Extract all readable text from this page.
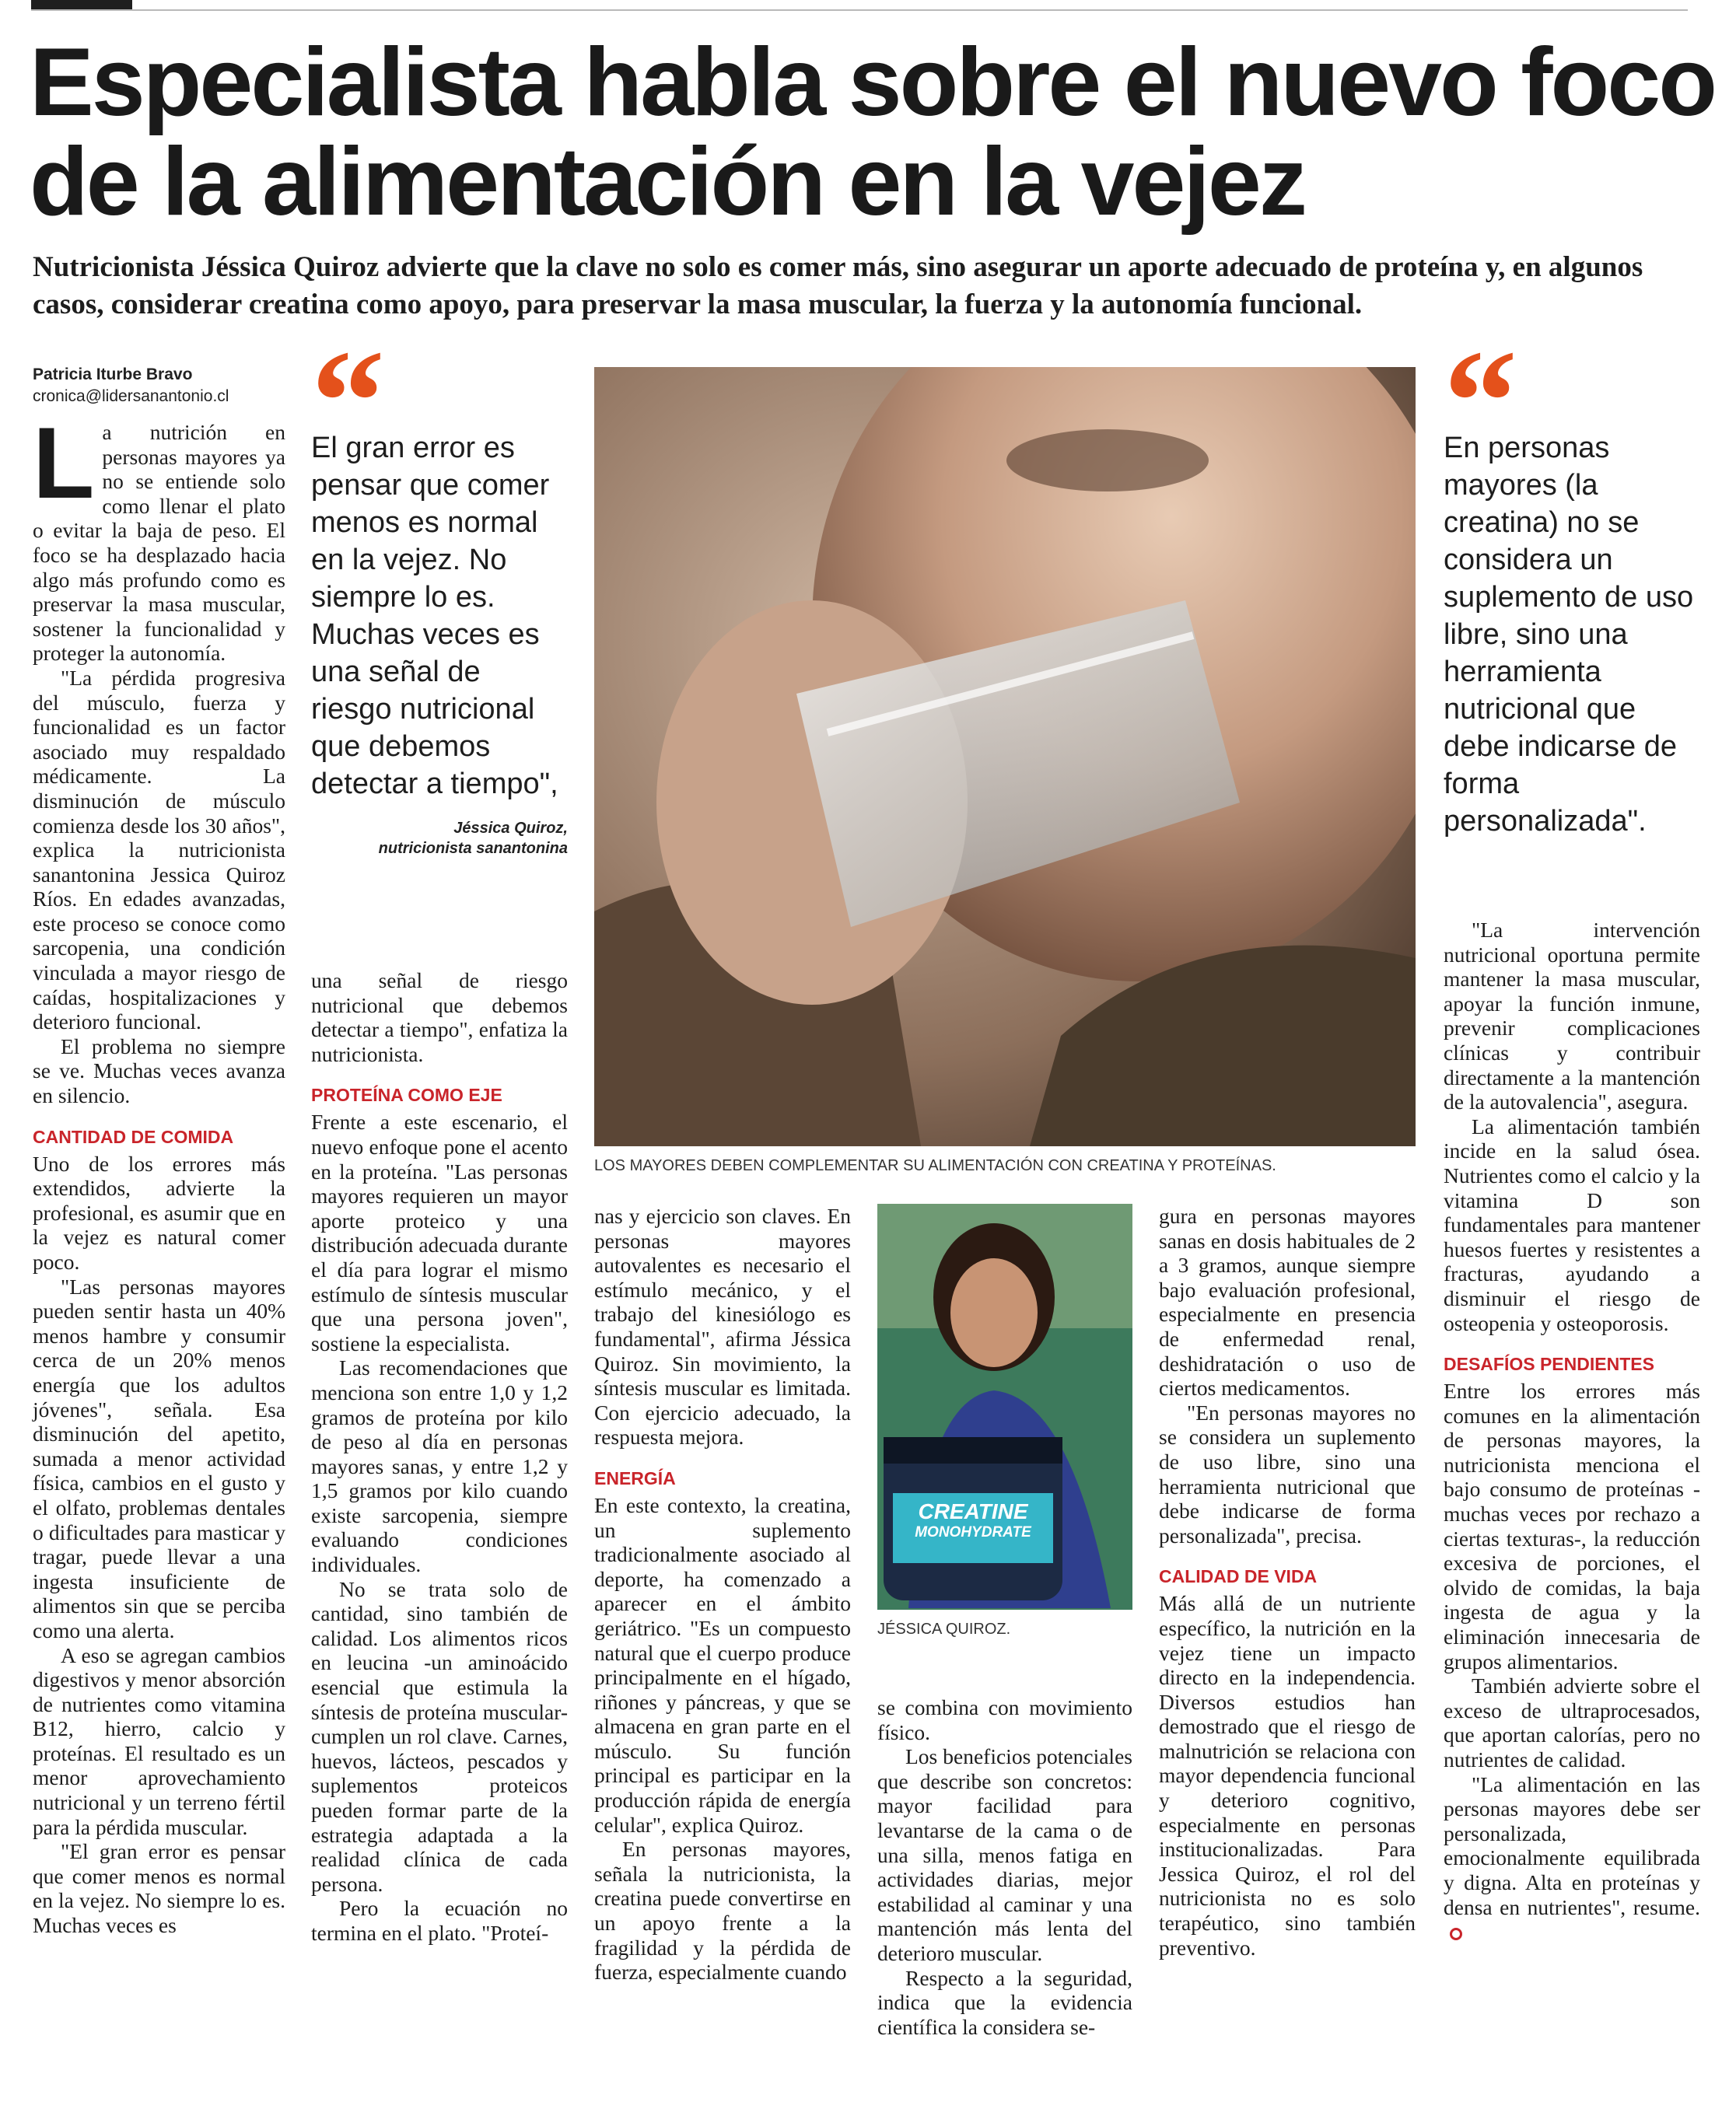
Especialista habla sobre el nuevo foco de la alimentación en la vejez

Nutricionista Jéssica Quiroz advierte que la clave no solo es comer más, sino asegurar un aporte adecuado de proteína y, en algunos casos, considerar creatina como apoyo, para preservar la masa muscular, la fuerza y la autonomía funcional.

Patricia Iturbe Bravo
cronica@lidersanantonio.cl

La nutrición en personas mayores ya no se entiende solo como llenar el plato o evitar la baja de peso. El foco se ha desplazado hacia algo más profundo como es preservar la masa muscular, sostener la funcionalidad y proteger la autonomía.

"La pérdida progresiva del músculo, fuerza y funcionalidad es un factor asociado muy respaldado médicamente. La disminución de músculo comienza desde los 30 años", explica la nutricionista sanantonina Jessica Quiroz Ríos. En edades avanzadas, este proceso se conoce como sarcopenia, una condición vinculada a mayor riesgo de caídas, hospitalizaciones y deterioro funcional.

El problema no siempre se ve. Muchas veces avanza en silencio.

CANTIDAD DE COMIDA

Uno de los errores más extendidos, advierte la profesional, es asumir que en la vejez es natural comer poco.

"Las personas mayores pueden sentir hasta un 40% menos hambre y consumir cerca de un 20% menos energía que los adultos jóvenes", señala. Esa disminución del apetito, sumada a menor actividad física, cambios en el gusto y el olfato, problemas dentales o dificultades para masticar y tragar, puede llevar a una ingesta insuficiente de alimentos sin que se perciba como una alerta.

A eso se agregan cambios digestivos y menor absorción de nutrientes como vitamina B12, hierro, calcio y proteínas. El resultado es un menor aprovechamiento nutricional y un terreno fértil para la pérdida muscular.

"El gran error es pensar que comer menos es normal en la vejez. No siempre lo es. Muchas veces es

El gran error es pensar que comer menos es normal en la vejez. No siempre lo es. Muchas veces es una señal de riesgo nutricional que debemos detectar a tiempo",

Jéssica Quiroz,
nutricionista sanantonina

una señal de riesgo nutricional que debemos detectar a tiempo", enfatiza la nutricionista.

PROTEÍNA COMO EJE

Frente a este escenario, el nuevo enfoque pone el acento en la proteína. "Las personas mayores requieren un mayor aporte proteico y una distribución adecuada durante el día para lograr el mismo estímulo de síntesis muscular que una persona joven", sostiene la especialista.

Las recomendaciones que menciona son entre 1,0 y 1,2 gramos de proteína por kilo de peso al día en personas mayores sanas, y entre 1,2 y 1,5 gramos por kilo cuando existe sarcopenia, siempre evaluando condiciones individuales.

No se trata solo de cantidad, sino también de calidad. Los alimentos ricos en leucina -un aminoácido esencial que estimula la síntesis de proteína muscular- cumplen un rol clave. Carnes, huevos, lácteos, pescados y suplementos proteicos pueden formar parte de la estrategia adaptada a la realidad clínica de cada persona.

Pero la ecuación no termina en el plato. "Proteí-

LOS MAYORES DEBEN COMPLEMENTAR SU ALIMENTACIÓN CON CREATINA Y PROTEÍNAS.

nas y ejercicio son claves. En personas mayores autovalentes es necesario el estímulo mecánico, y el trabajo del kinesiólogo es fundamental", afirma Jéssica Quiroz. Sin movimiento, la síntesis muscular es limitada. Con ejercicio adecuado, la respuesta mejora.

ENERGÍA

En este contexto, la creatina, un suplemento tradicionalmente asociado al deporte, ha comenzado a aparecer en el ámbito geriátrico. "Es un compuesto natural que el cuerpo produce principalmente en el hígado, riñones y páncreas, y que se almacena en gran parte en el músculo. Su función principal es participar en la producción rápida de energía celular", explica Quiroz.

En personas mayores, señala la nutricionista, la creatina puede convertirse en un apoyo frente a la fragilidad y la pérdida de fuerza, especialmente cuando

CREATINE
MONOHYDRATE
JÉSSICA QUIROZ.

se combina con movimiento físico.

Los beneficios potenciales que describe son concretos: mayor facilidad para levantarse de la cama o de una silla, menos fatiga en actividades diarias, mejor estabilidad al caminar y una mantención más lenta del deterioro muscular.

Respecto a la seguridad, indica que la evidencia científica la considera se-

gura en personas mayores sanas en dosis habituales de 2 a 3 gramos, aunque siempre bajo evaluación profesional, especialmente en presencia de enfermedad renal, deshidratación o uso de ciertos medicamentos.

"En personas mayores no se considera un suplemento de uso libre, sino una herramienta nutricional que debe indicarse de forma personalizada", precisa.

CALIDAD DE VIDA

Más allá de un nutriente específico, la nutrición en la vejez tiene un impacto directo en la independencia. Diversos estudios han demostrado que el riesgo de malnutrición se relaciona con mayor dependencia funcional y deterioro cognitivo, especialmente en personas institucionalizadas. Para Jessica Quiroz, el rol del nutricionista no es solo terapéutico, sino también preventivo.

En personas mayores (la creatina) no se considera un suplemento de uso libre, sino una herramienta nutricional que debe indicarse de forma personalizada".

"La intervención nutricional oportuna permite mantener la masa muscular, apoyar la función inmune, prevenir complicaciones clínicas y contribuir directamente a la mantención de la autovalencia", asegura.

La alimentación también incide en la salud ósea. Nutrientes como el calcio y la vitamina D son fundamentales para mantener huesos fuertes y resistentes a fracturas, ayudando a disminuir el riesgo de osteopenia y osteoporosis.

DESAFÍOS PENDIENTES

Entre los errores más comunes en la alimentación de personas mayores, la nutricionista menciona el bajo consumo de proteínas -muchas veces por rechazo a ciertas texturas-, la reducción excesiva de porciones, el olvido de comidas, la baja ingesta de agua y la eliminación innecesaria de grupos alimentarios.

También advierte sobre el exceso de ultraprocesados, que aportan calorías, pero no nutrientes de calidad.

"La alimentación en las personas mayores debe ser personalizada, emocionalmente equilibrada y digna. Alta en proteínas y densa en nutrientes", resume.
